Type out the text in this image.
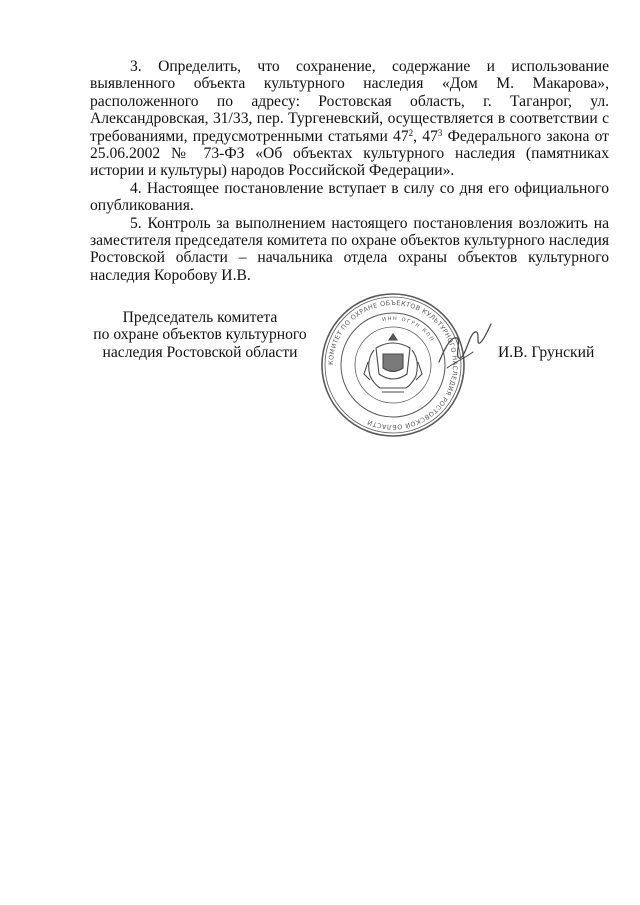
3. Определить, что сохранение, содержание и использование выявленного объекта культурного наследия «Дом М. Макарова», расположенного по адресу: Ростовская область, г. Таганрог, ул. Александровская, 31/33, пер. Тургеневский, осуществляется в соответствии с требованиями, предусмотренными статьями $47^2$, $47^3$ Федерального закона от 25.06.2002 № 73-ФЗ «Об объектах культурного наследия (памятниках истории и культуры) народов Российской Федерации».

4. Настоящее постановление вступает в силу со дня его официального опубликования.

5. Контроль за выполнением настоящего постановления возложить на заместителя председателя комитета по охране объектов культурного наследия Ростовской области – начальника отдела охраны объектов культурного наследия Коробову И.В.

Председатель комитета
по охране объектов культурного
наследия Ростовской области
КОМИТЕТ ПО ОХРАНЕ ОБЪЕКТОВ КУЛЬТУРНОГО НАСЛЕДИЯ РОСТОВСКОЙ ОБЛАСТИ
ИНН ОГРН КПП
И.В. Грунский
